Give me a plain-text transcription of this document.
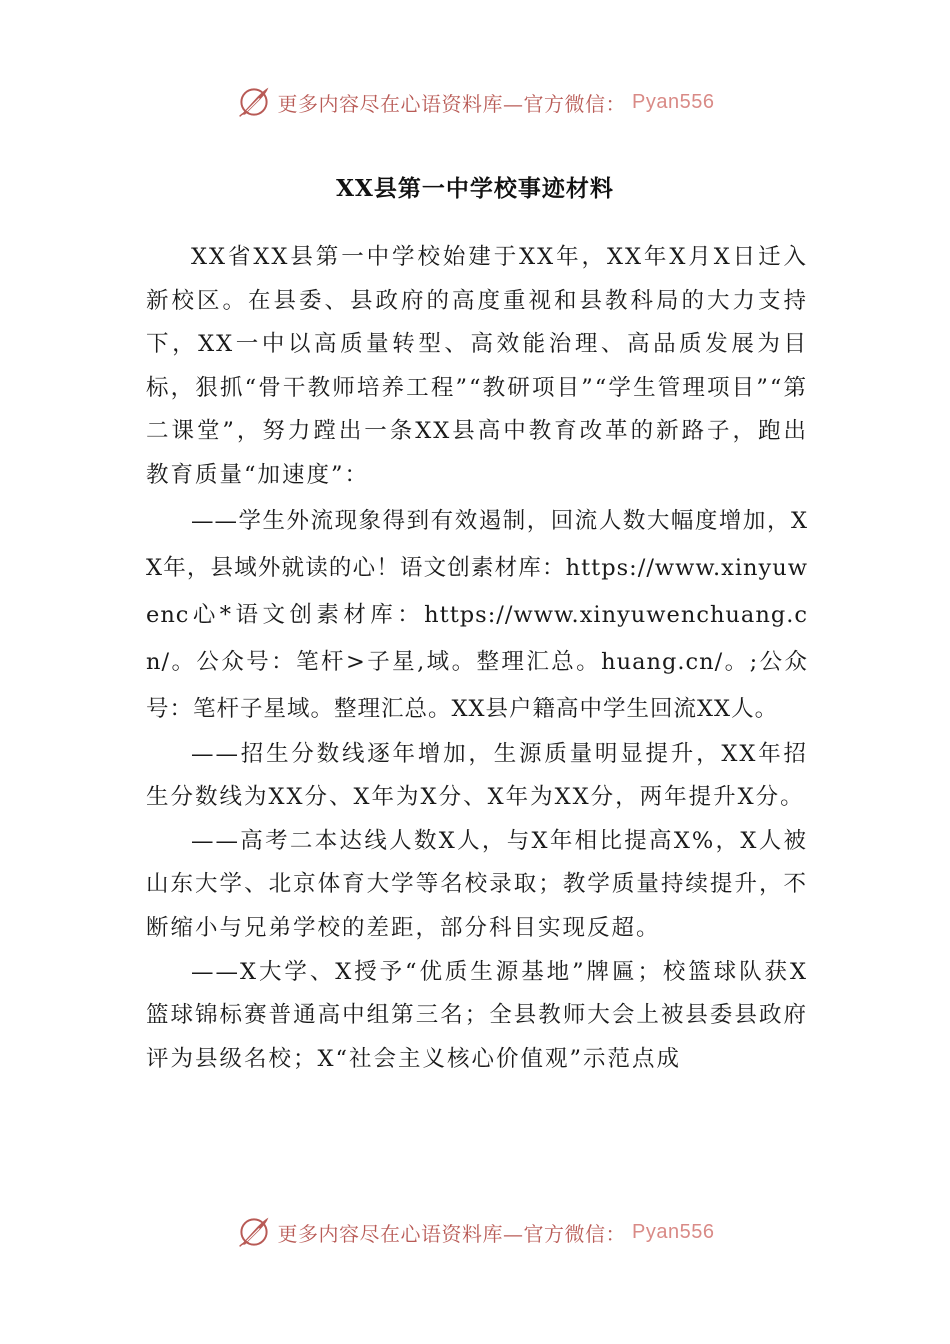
更多内容尽在心语资料库—官方微信： Pyan556
XX县第一中学校事迹材料

XX省XX县第一中学校始建于XX年，XX年X月X日迁入新校区。在县委、县政府的高度重视和县教科局的大力支持下，XX一中以高质量转型、高效能治理、高品质发展为目标，狠抓“骨干教师培养工程”“教研项目”“学生管理项目”“第二课堂”，努力蹚出一条XX县高中教育改革的新路子，跑出教育质量“加速度”：

——学生外流现象得到有效遏制，回流人数大幅度增加，XX年，县域外就读的心！语文创素材库：https://www.xinyuwenc心*语文创素材库：https://www.xinyuwenchuang.cn/。公众号：笔杆>子星,域。整理汇总。huang.cn/。;公众号：笔杆子星域。整理汇总。XX县户籍高中学生回流XX人。

——招生分数线逐年增加，生源质量明显提升，XX年招生分数线为XX分、X年为X分、X年为XX分，两年提升X分。

——高考二本达线人数X人，与X年相比提高X%，X人被山东大学、北京体育大学等名校录取；教学质量持续提升，不断缩小与兄弟学校的差距，部分科目实现反超。

——X大学、X授予“优质生源基地”牌匾；校篮球队获X篮球锦标赛普通高中组第三名；全县教师大会上被县委县政府评为县级名校；X“社会主义核心价值观”示范点成

更多内容尽在心语资料库—官方微信： Pyan556
